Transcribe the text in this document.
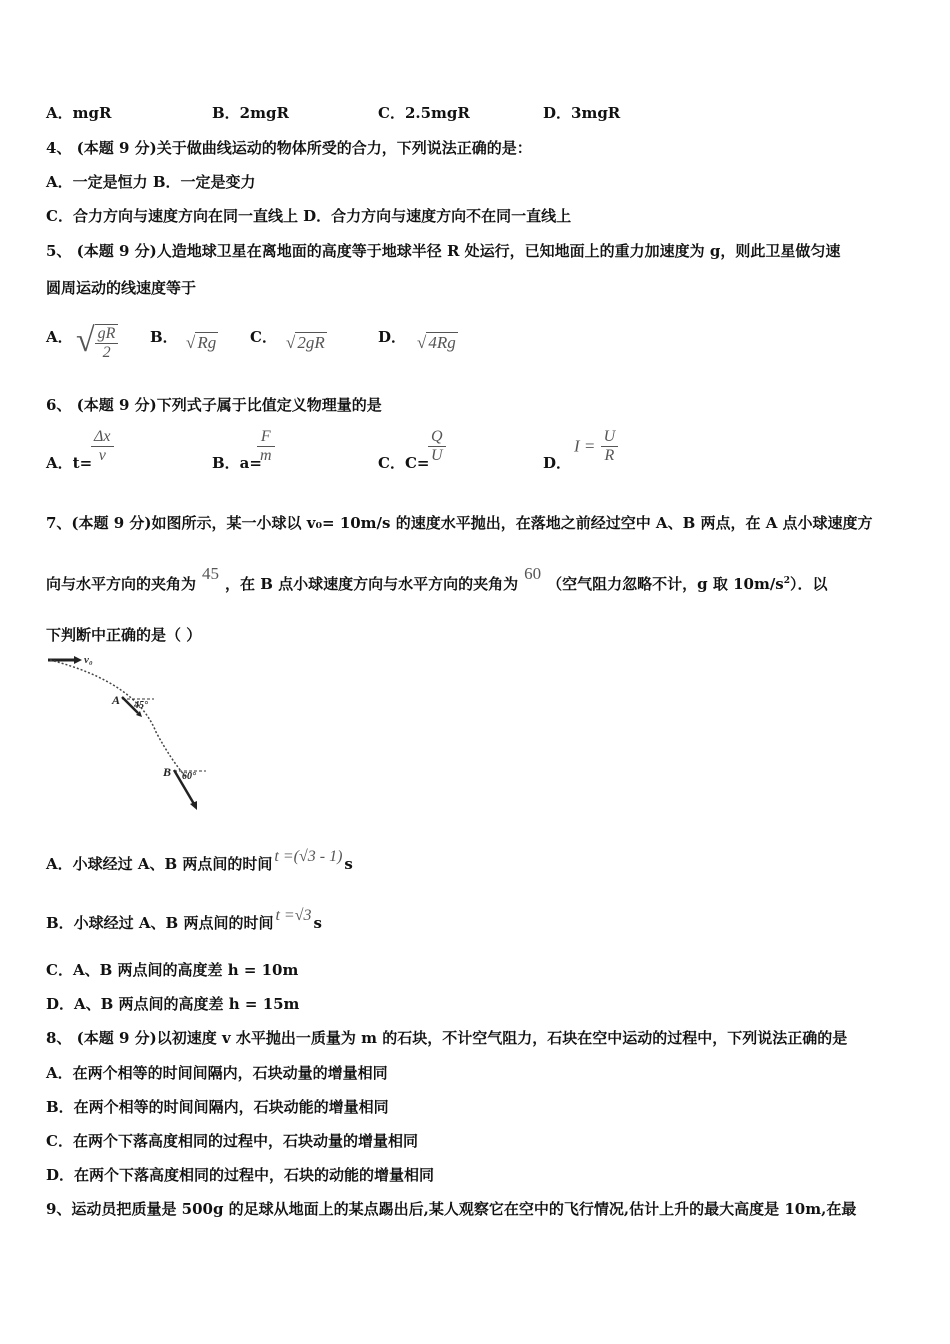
A．mgR	B．2mgR	C．2.5mgR	D．3mgR
4、 (本题 9 分)关于做曲线运动的物体所受的合力，下列说法正确的是：
A．一定是恒力 B．一定是变力
C．合力方向与速度方向在同一直线上 D．合力方向与速度方向不在同一直线上
5、 (本题 9 分)人造地球卫星在离地面的高度等于地球半径 R 处运行，已知地面上的重力加速度为 g，则此卫星做匀速
圆周运动的线速度等于
A． √ $\frac{gR}{2}$ B． √ Rg C． √ 2gR	D． √ 4Rg
6、 (本题 9 分)下列式子属于比值定义物理量的是
A．t=
$\frac{\Delta x}{v}$	B．a=
$\frac{F}{m}$	C．C=
$\frac{Q}{U}$	D．
$I = \frac{U}{R}$
7、(本题 9 分)如图所示，某一小球以 v₀= 10m/s 的速度水平抛出，在落地之前经过空中 A、B 两点，在 A 点小球速度方
向与水平方向的夹角为45，在 B 点小球速度方向与水平方向的夹角为60（空气阻力忽略不计，g 取 $10m/s^2$）．以
下判断中正确的是（ ）
v₀
A 45°
B 60°
A．小球经过 A、B 两点间的时间 t =(√3 - 1) s
B．小球经过 A、B 两点间的时间 t =√3 s
C．A、B 两点间的高度差 h = 10m
D．A、B 两点间的高度差 h = 15m
8、 (本题 9 分)以初速度 v 水平抛出一质量为 m 的石块，不计空气阻力，石块在空中运动的过程中，下列说法正确的是
A．在两个相等的时间间隔内，石块动量的增量相同
B．在两个相等的时间间隔内，石块动能的增量相同
C．在两个下落高度相同的过程中，石块动量的增量相同
D．在两个下落高度相同的过程中，石块的动能的增量相同
9、运动员把质量是 500g 的足球从地面上的某点踢出后,某人观察它在空中的飞行情况,估计上升的最大高度是 10m,在最
